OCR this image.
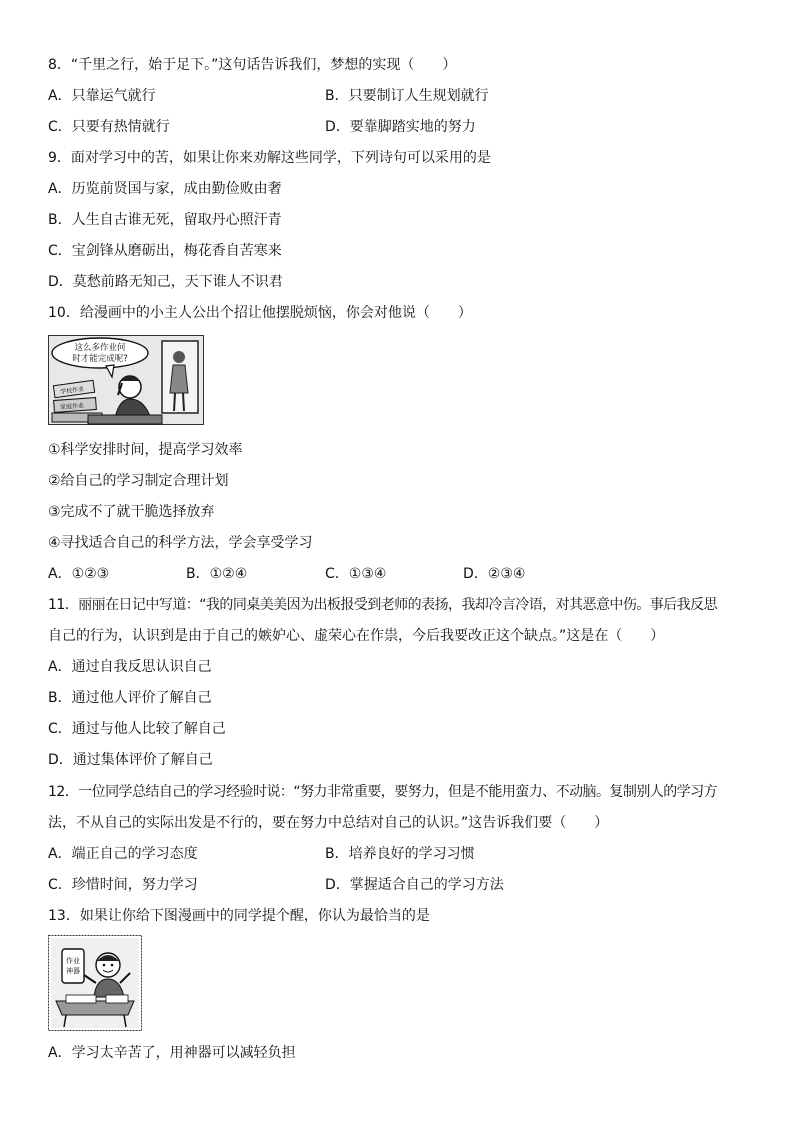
8．“千里之行，始于足下。”这句话告诉我们，梦想的实现（　　）
A．只靠运气就行	B．只要制订人生规划就行
C．只要有热情就行	D．要靠脚踏实地的努力
9．面对学习中的苦，如果让你来劝解这些同学，下列诗句可以采用的是
A．历览前贤国与家，成由勤俭败由奢
B．人生自古谁无死，留取丹心照汗青
C．宝剑锋从磨砺出，梅花香自苦寒来
D．莫愁前路无知己，天下谁人不识君
10．给漫画中的小主人公出个招让他摆脱烦恼，你会对他说（　　）
这么多作业何
时才能完成呢?
学校作业
家庭作业
①科学安排时间，提高学习效率
②给自己的学习制定合理计划
③完成不了就干脆选择放弃
④寻找适合自己的科学方法，学会享受学习
A．①②③	B．①②④	C．①③④	D．②③④
11．丽丽在日记中写道：“我的同桌美美因为出板报受到老师的表扬，我却冷言冷语，对其恶意中伤。事后我反思
自己的行为，认识到是由于自己的嫉妒心、虚荣心在作祟，今后我要改正这个缺点。”这是在（　　）
A．通过自我反思认识自己
B．通过他人评价了解自己
C．通过与他人比较了解自己
D．通过集体评价了解自己
12．一位同学总结自己的学习经验时说：“努力非常重要，要努力，但是不能用蛮力、不动脑。复制别人的学习方
法，不从自己的实际出发是不行的，要在努力中总结对自己的认识。”这告诉我们要（　　）
A．端正自己的学习态度	B．培养良好的学习习惯
C．珍惜时间，努力学习	D．掌握适合自己的学习方法
13．如果让你给下图漫画中的同学提个醒，你认为最恰当的是
作业
神器
A．学习太辛苦了，用神器可以减轻负担
